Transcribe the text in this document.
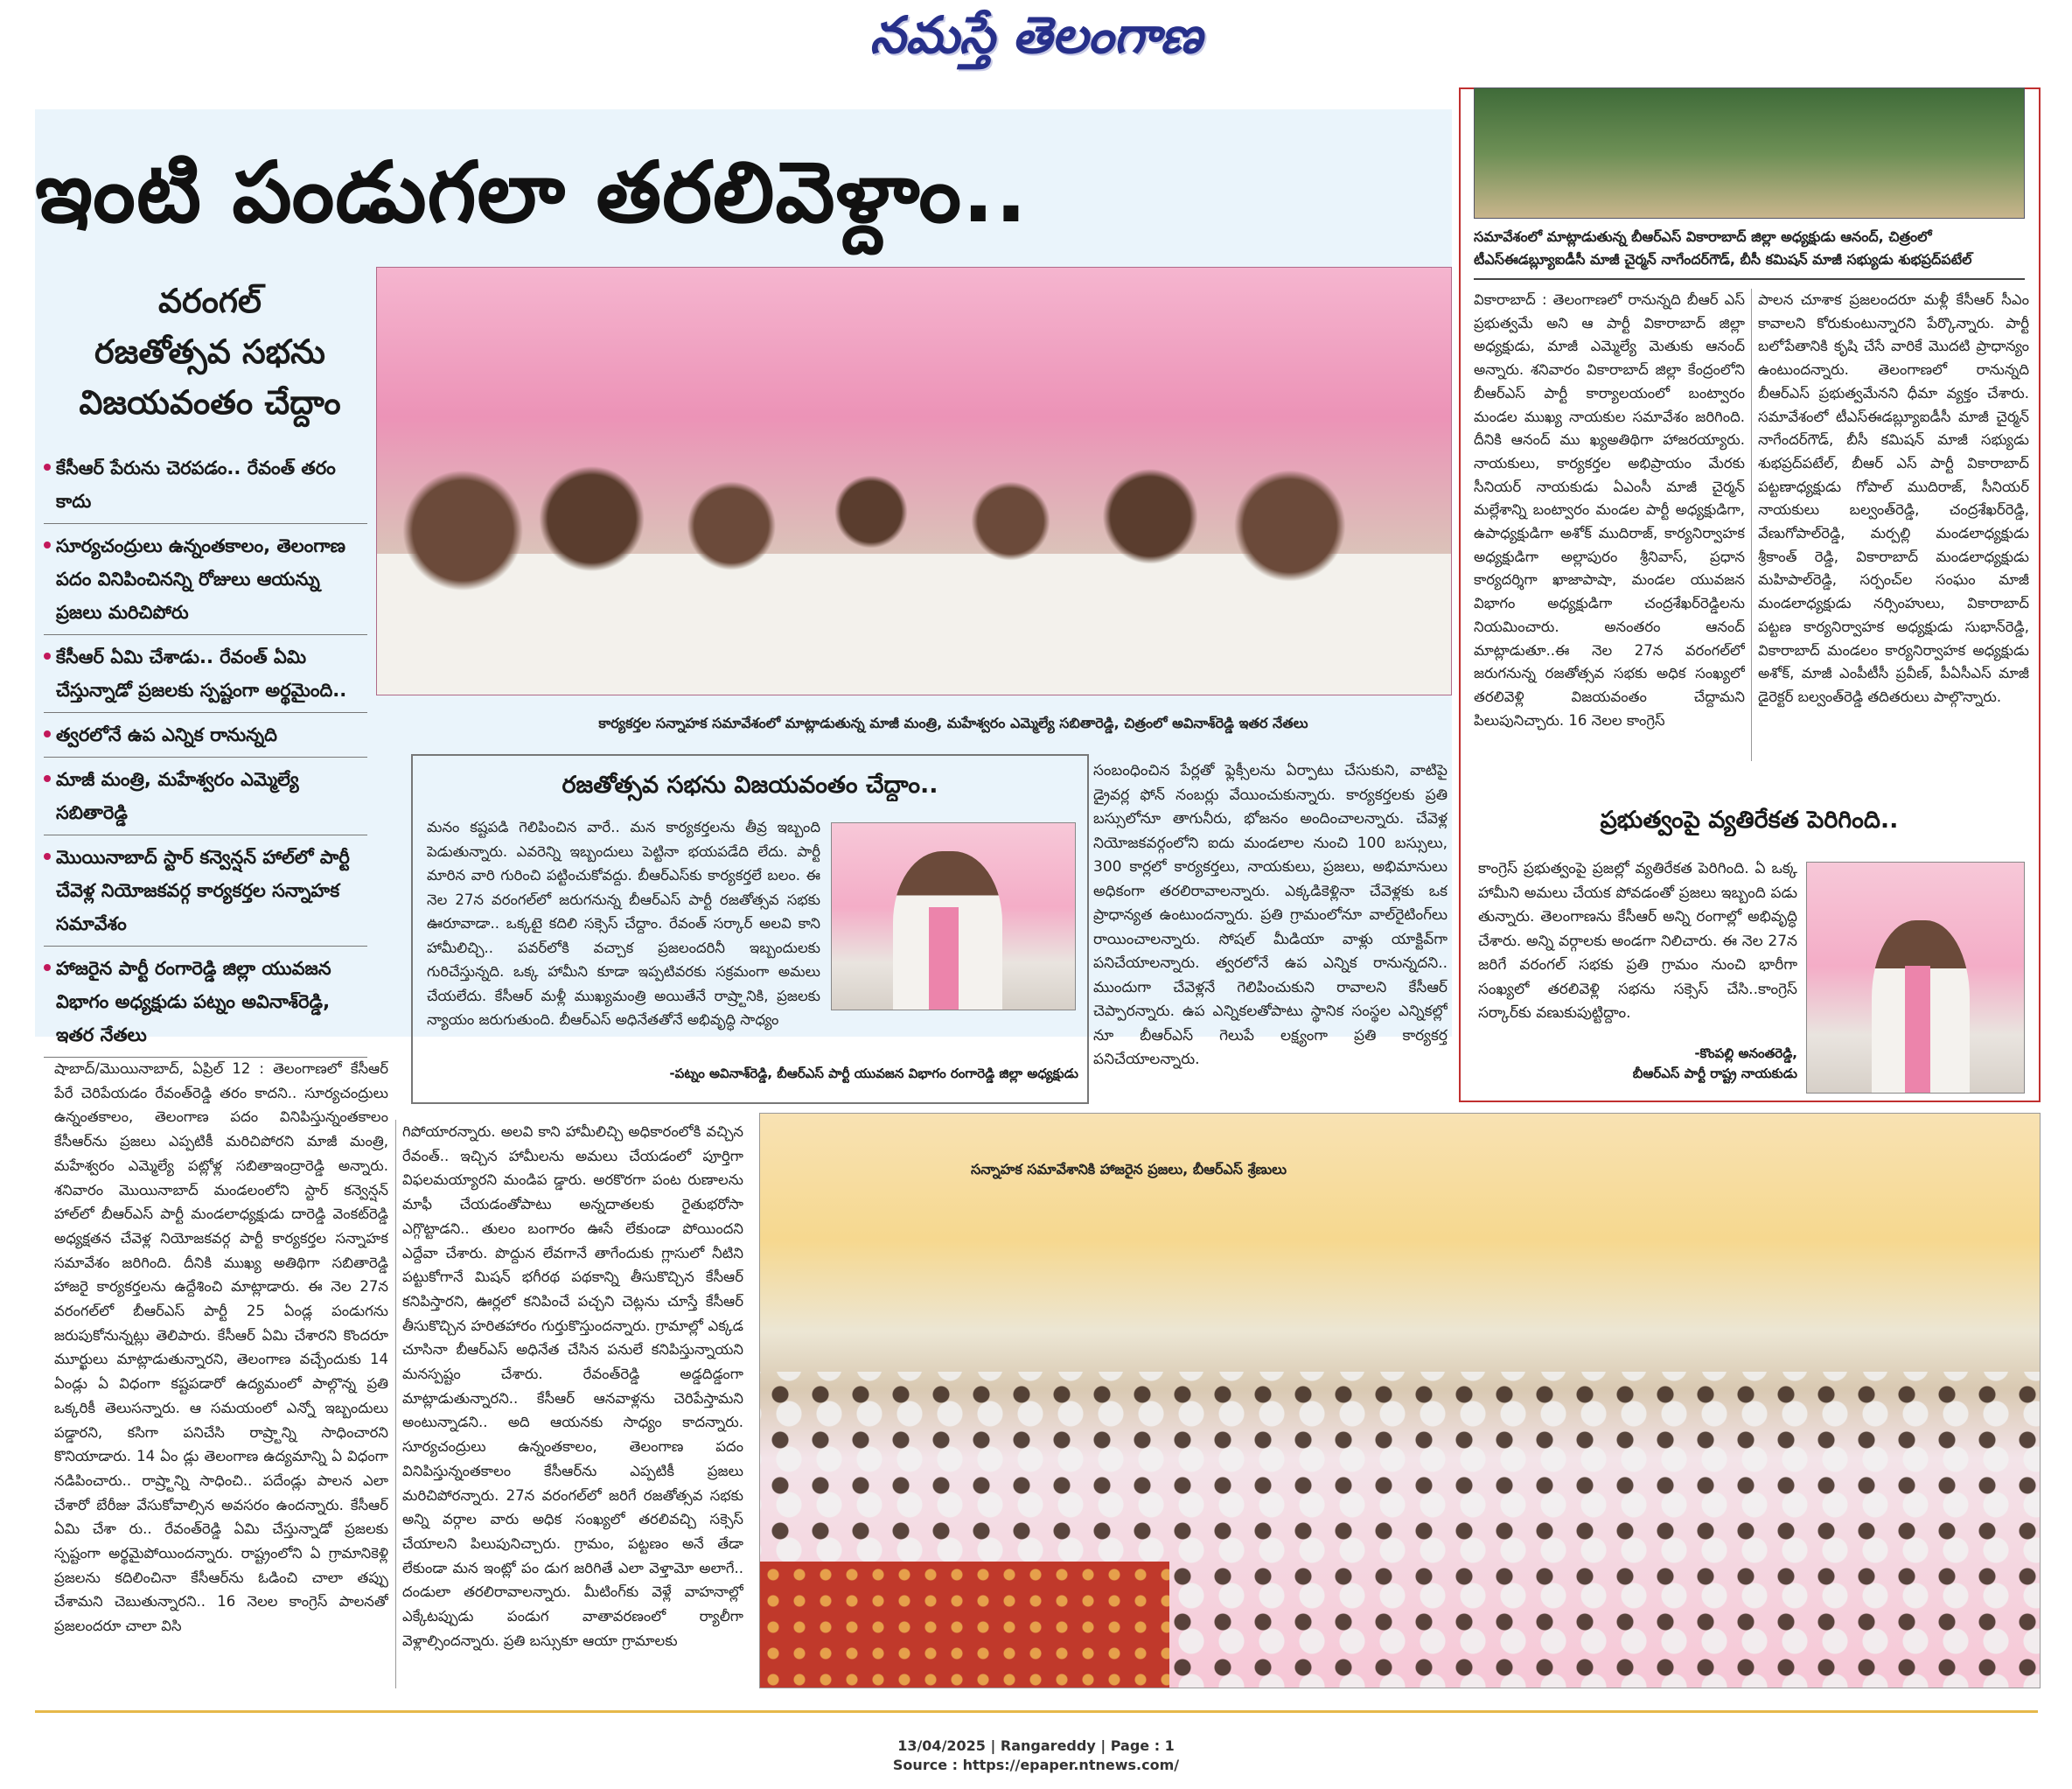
నమస్తే తెలంగాణ
ఇంటి పండుగలా తరలివెళ్దాం..
వరంగల్
రజతోత్సవ సభను
విజయవంతం చేద్దాం
కేసీఆర్ పేరును చెరపడం.. రేవంత్ తరం కాదు
సూర్యచంద్రులు ఉన్నంతకాలం, తెలంగాణ పదం వినిపించినన్ని రోజులు ఆయన్ను ప్రజలు మరిచిపోరు
కేసీఆర్ ఏమి చేశాడు.. రేవంత్ ఏమి చేస్తున్నాడో ప్రజలకు స్పష్టంగా అర్థమైంది..
త్వరలోనే ఉప ఎన్నిక రానున్నది
మాజీ మంత్రి, మహేశ్వరం ఎమ్మెల్యే సబితారెడ్డి
మొయినాబాద్ స్టార్ కన్వెన్షన్ హాల్‌లో పార్టీ చేవెళ్ల నియోజకవర్గ కార్యకర్తల సన్నాహక సమావేశం
హాజరైన పార్టీ రంగారెడ్డి జిల్లా యువజన విభాగం అధ్యక్షుడు పట్నం అవినాశ్‌రెడ్డి, ఇతర నేతలు
కార్యకర్తల సన్నాహక సమావేశంలో మాట్లాడుతున్న మాజీ మంత్రి, మహేశ్వరం ఎమ్మెల్యే సబితారెడ్డి, చిత్రంలో అవినాశ్‌రెడ్డి ఇతర నేతలు
సమావేశంలో మాట్లాడుతున్న బీఆర్‌ఎస్ వికారాబాద్ జిల్లా అధ్యక్షుడు ఆనంద్, చిత్రంలో టీఎస్‌ఈడబ్ల్యూఐడీసీ మాజీ చైర్మన్ నాగేందర్‌గౌడ్, బీసీ కమిషన్ మాజీ సభ్యుడు శుభప్రద్‌పటేల్
వికారాబాద్ : తెలంగాణలో రానున్నది బీఆర్ ఎస్ ప్రభుత్వమే అని ఆ పార్టీ వికారాబాద్ జిల్లా అధ్యక్షుడు, మాజీ ఎమ్మెల్యే మెతుకు ఆనంద్ అన్నారు. శనివారం వికారాబాద్ జిల్లా కేంద్రంలోని బీఆర్‌ఎస్ పార్టీ కార్యాలయంలో బంట్వారం మండల ముఖ్య నాయకుల సమావేశం జరిగింది. దీనికి ఆనంద్ ము ఖ్యఅతిథిగా హాజరయ్యారు. నాయకులు, కార్యకర్తల అభిప్రాయం మేరకు సీనియర్ నాయకుడు ఏఎంసీ మాజీ చైర్మన్ మల్లేశాన్ని బంట్వారం మండల పార్టీ అధ్యక్షుడిగా, ఉపాధ్యక్షుడిగా అశోక్ ముదిరాజ్, కార్యనిర్వాహక అధ్యక్షుడిగా అల్లాపురం శ్రీనివాస్, ప్రధాన కార్యదర్శిగా ఖాజాపాషా, మండల యువజన విభాగం అధ్యక్షుడిగా చంద్రశేఖర్‌రెడ్డిలను నియమించారు. అనంతరం ఆనంద్ మాట్లాడుతూ..ఈ నెల 27న వరంగల్‌లో జరుగనున్న రజతోత్సవ సభకు అధిక సంఖ్యలో తరలివెళ్లి విజయవంతం చేద్దామని పిలుపునిచ్చారు. 16 నెలల కాంగ్రెస్
పాలన చూశాక ప్రజలందరూ మళ్లీ కేసీఆర్ సీఎం కావాలని కోరుకుంటున్నారని పేర్కొన్నారు. పార్టీ బలోపేతానికి కృషి చేసే వారికే మొదటి ప్రాధాన్యం ఉంటుందన్నారు. తెలంగాణలో రానున్నది బీఆర్‌ఎస్ ప్రభుత్వమేనని ధీమా వ్యక్తం చేశారు. సమావేశంలో టీఎస్‌ఈడబ్ల్యూఐడీసీ మాజీ చైర్మన్ నాగేందర్‌గౌడ్, బీసీ కమిషన్ మాజీ సభ్యుడు శుభప్రద్‌పటేల్, బీఆర్ ఎస్ పార్టీ వికారాబాద్ పట్టణాధ్యక్షుడు గోపాల్ ముదిరాజ్, సీనియర్ నాయకులు బల్వంత్‌రెడ్డి, చంద్రశేఖర్‌రెడ్డి, వేణుగోపాల్‌రెడ్డి, మర్పల్లి మండలాధ్యక్షుడు శ్రీకాంత్ రెడ్డి, వికారాబాద్ మండలాధ్యక్షుడు మహిపాల్‌రెడ్డి, సర్పంచ్‌ల సంఘం మాజీ మండలాధ్యక్షుడు నర్సింహులు, వికారాబాద్ పట్టణ కార్యనిర్వాహక అధ్యక్షుడు సుభాన్‌రెడ్డి, వికారాబాద్ మండలం కార్యనిర్వాహక అధ్యక్షుడు అశోక్, మాజీ ఎంపీటీసీ ప్రవీణ్, పీఏసీఎస్ మాజీ డైరెక్టర్ బల్వంత్‌రెడ్డి తదితరులు పాల్గొన్నారు.
ప్రభుత్వంపై వ్యతిరేకత పెరిగింది..
కాంగ్రెస్ ప్రభుత్వంపై ప్రజల్లో వ్యతిరేకత పెరిగింది. ఏ ఒక్క హామీని అమలు చేయక పోవడంతో ప్రజలు ఇబ్బంది పడు తున్నారు. తెలంగాణను కేసీఆర్ అన్ని రంగాల్లో అభివృద్ధి చేశారు. అన్ని వర్గాలకు అండగా నిలిచారు. ఈ నెల 27న జరిగే వరంగల్ సభకు ప్రతి గ్రామం నుంచి భారీగా సంఖ్యలో తరలివెళ్లి సభను సక్సెస్ చేసి..కాంగ్రెస్ సర్కార్‌కు వణుకుపుట్టిద్దాం.
-కొంపల్లి అనంతరెడ్డి,
బీఆర్‌ఎస్ పార్టీ రాష్ట్ర నాయకుడు
రజతోత్సవ సభను విజయవంతం చేద్దాం..
మనం కష్టపడి గెలిపించిన వారే.. మన కార్యకర్తలను తీవ్ర ఇబ్బంది పెడుతున్నారు. ఎవరెన్ని ఇబ్బందులు పెట్టినా భయపడేది లేదు. పార్టీ మారిన వారి గురించి పట్టించుకోవద్దు. బీఆర్‌ఎస్‌కు కార్యకర్తలే బలం. ఈ నెల 27న వరంగల్‌లో జరుగనున్న బీఆర్‌ఎస్ పార్టీ రజతోత్సవ సభకు ఊరూవాడా.. ఒక్కటై కదిలి సక్సెస్ చేద్దాం. రేవంత్ సర్కార్ అలవి కాని హామీలిచ్చి.. పవర్‌లోకి వచ్చాక ప్రజలందరినీ ఇబ్బందులకు గురిచేస్తున్నది. ఒక్క హామీని కూడా ఇప్పటివరకు సక్రమంగా అమలు చేయలేదు. కేసీఆర్ మళ్లీ ముఖ్యమంత్రి అయితేనే రాష్ర్టానికి, ప్రజలకు న్యాయం జరుగుతుంది. బీఆర్‌ఎస్ అధినేతతోనే అభివృద్ధి సాధ్యం
-పట్నం అవినాశ్‌రెడ్డి, బీఆర్‌ఎస్ పార్టీ యువజన విభాగం రంగారెడ్డి జిల్లా అధ్యక్షుడు
సంబంధించిన పేర్లతో ఫ్లెక్సీలను ఏర్పాటు చేసుకుని, వాటిపై డ్రైవర్ల ఫోన్ నంబర్లు వేయించుకున్నారు. కార్యకర్తలకు ప్రతి బస్సులోనూ తాగునీరు, భోజనం అందించాలన్నారు. చేవెళ్ల నియోజకవర్గంలోని ఐదు మండలాల నుంచి 100 బస్సులు, 300 కార్లలో కార్యకర్తలు, నాయకులు, ప్రజలు, అభిమానులు అధికంగా తరలిరావాలన్నారు. ఎక్కడికెళ్లినా చేవెళ్లకు ఒక ప్రాధాన్యత ఉంటుందన్నారు. ప్రతి గ్రామంలోనూ వాల్‌రైటింగ్‌లు రాయించాలన్నారు. సోషల్ మీడియా వాళ్లు యాక్టివ్‌గా పనిచేయాలన్నారు. త్వరలోనే ఉప ఎన్నిక రానున్నదని.. ముందుగా చేవెళ్లనే గెలిపించుకుని రావాలని కేసీఆర్ చెప్పారన్నారు. ఉప ఎన్నికలతోపాటు స్థానిక సంస్థల ఎన్నికల్లో నూ బీఆర్‌ఎస్ గెలుపే లక్ష్యంగా ప్రతి కార్యకర్త పనిచేయాలన్నారు.
షాబాద్/మొయినాబాద్, ఏప్రిల్ 12 : తెలంగాణలో కేసీఆర్ పేరే చెరిపేయడం రేవంత్‌రెడ్డి తరం కాదని.. సూర్యచంద్రులు ఉన్నంతకాలం, తెలంగాణ పదం వినిపిస్తున్నంతకాలం కేసీఆర్‌ను ప్రజలు ఎప్పటికీ మరిచిపోరని మాజీ మంత్రి, మహేశ్వరం ఎమ్మెల్యే పట్లోళ్ల సబితాఇంద్రారెడ్డి అన్నారు. శనివారం మొయినాబాద్ మండలంలోని స్టార్ కన్వెన్షన్ హాల్‌లో బీఆర్‌ఎస్ పార్టీ మండలాధ్యక్షుడు దారెడ్డి వెంకట్‌రెడ్డి అధ్యక్షతన చేవెళ్ల నియోజకవర్గ పార్టీ కార్యకర్తల సన్నాహక సమావేశం జరిగింది. దీనికి ముఖ్య అతిథిగా సబితారెడ్డి హాజరై కార్యకర్తలను ఉద్దేశించి మాట్లాడారు. ఈ నెల 27న వరంగల్‌లో బీఆర్‌ఎస్ పార్టీ 25 ఏండ్ల పండుగను జరుపుకోనున్నట్లు తెలిపారు. కేసీఆర్ ఏమి చేశారని కొందరూ మూర్ఖులు మాట్లాడుతున్నారని, తెలంగాణ వచ్చేందుకు 14 ఏండ్లు ఏ విధంగా కష్టపడారో ఉద్యమంలో పాల్గొన్న ప్రతి ఒక్కరికీ తెలుసన్నారు. ఆ సమయంలో ఎన్నో ఇబ్బందులు పడ్డారని, కసిగా పనిచేసి రాష్ర్టాన్ని సాధించారని కొనియాడారు. 14 ఏం డ్లు తెలంగాణ ఉద్యమాన్ని ఏ విధంగా నడిపించారు.. రాష్ర్టాన్ని సాధించి.. పదేండ్లు పాలన ఎలా చేశారో బేరీజు వేసుకోవాల్సిన అవసరం ఉందన్నారు. కేసీఆర్ ఏమి చేశా రు.. రేవంత్‌రెడ్డి ఏమి చేస్తున్నాడో ప్రజలకు స్పష్టంగా అర్థమైపోయిందన్నారు. రాష్ట్రంలోని ఏ గ్రామానికెళ్లి ప్రజలను కదిలించినా కేసీఆర్‌ను ఓడించి చాలా తప్పు చేశామని చెబుతున్నారని.. 16 నెలల కాంగ్రెస్ పాలనతో ప్రజలందరూ చాలా విసి
గిపోయారన్నారు. అలవి కాని హామీలిచ్చి అధికారంలోకి వచ్చిన రేవంత్.. ఇచ్చిన హామీలను అమలు చేయడంలో పూర్తిగా విఫలమయ్యారని మండిప డ్డారు. అరకొరగా పంట రుణాలను మాఫీ చేయడంతోపాటు అన్నదాతలకు రైతుభరోసా ఎగ్గొట్టాడని.. తులం బంగారం ఊసే లేకుండా పోయిందని ఎద్దేవా చేశారు. పొద్దున లేవగానే తాగేందుకు గ్లాసులో నీటిని పట్టుకోగానే మిషన్ భగీరథ పథకాన్ని తీసుకొచ్చిన కేసీఆర్ కనిపిస్తారని, ఊర్లలో కనిపించే పచ్చని చెట్లను చూస్తే కేసీఆర్ తీసుకొచ్చిన హరితహారం గుర్తుకొస్తుందన్నారు. గ్రామాల్లో ఎక్కడ చూసినా బీఆర్‌ఎస్ అధినేత చేసిన పనులే కనిపిస్తున్నాయని మనస్పష్టం చేశారు. రేవంత్‌రెడ్డి అడ్డదిడ్డంగా మాట్లాడుతున్నారని.. కేసీఆర్ ఆనవాళ్లను చెరిపేస్తామని అంటున్నాడని.. అది ఆయనకు సాధ్యం కాదన్నారు. సూర్యచంద్రులు ఉన్నంతకాలం, తెలంగాణ పదం వినిపిస్తున్నంతకాలం కేసీఆర్‌ను ఎప్పటికీ ప్రజలు మరిచిపోరన్నారు. 27న వరంగల్‌లో జరిగే రజతోత్సవ సభకు అన్ని వర్గాల వారు అధిక సంఖ్యలో తరలివచ్చి సక్సెస్ చేయాలని పిలుపునిచ్చారు. గ్రామం, పట్టణం అనే తేడా లేకుండా మన ఇంట్లో పం డుగ జరిగితే ఎలా వెళ్తామో అలాగే.. దండులా తరలిరావాలన్నారు. మీటింగ్‌కు వెళ్లే వాహనాల్లో ఎక్కేటప్పుడు పండుగ వాతావరణంలో ర్యాలీగా వెళ్లాల్సిందన్నారు. ప్రతి బస్సుకూ ఆయా గ్రామాలకు
సన్నాహక సమావేశానికి హాజరైన ప్రజలు, బీఆర్‌ఎస్ శ్రేణులు
13/04/2025 | Rangareddy | Page : 1
Source : https://epaper.ntnews.com/
